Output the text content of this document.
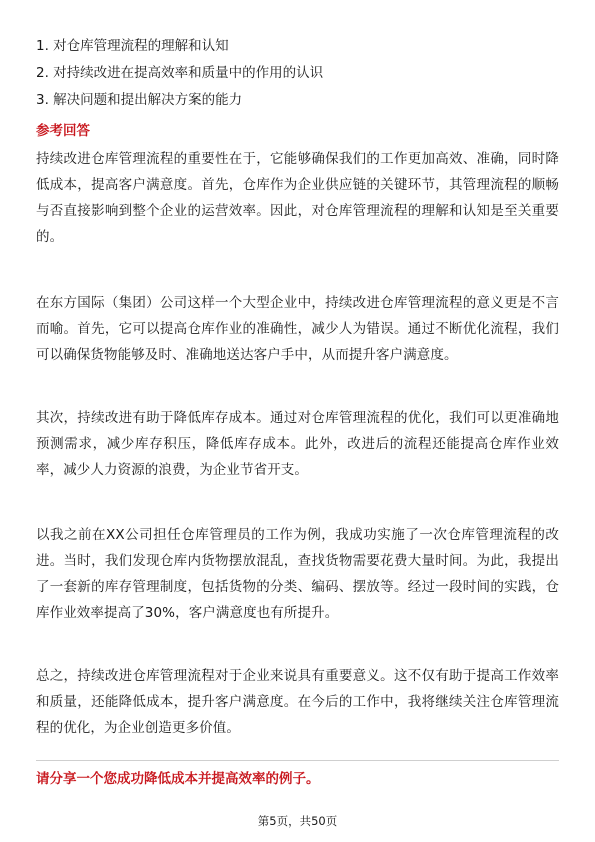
1. 对仓库管理流程的理解和认知
2. 对持续改进在提高效率和质量中的作用的认识
3. 解决问题和提出解决方案的能力
参考回答

持续改进仓库管理流程的重要性在于，它能够确保我们的工作更加高效、准确，同时降低成本，提高客户满意度。首先，仓库作为企业供应链的关键环节，其管理流程的顺畅与否直接影响到整个企业的运营效率。因此，对仓库管理流程的理解和认知是至关重要的。

在东方国际（集团）公司这样一个大型企业中，持续改进仓库管理流程的意义更是不言而喻。首先，它可以提高仓库作业的准确性，减少人为错误。通过不断优化流程，我们可以确保货物能够及时、准确地送达客户手中，从而提升客户满意度。

其次，持续改进有助于降低库存成本。通过对仓库管理流程的优化，我们可以更准确地预测需求，减少库存积压，降低库存成本。此外，改进后的流程还能提高仓库作业效率，减少人力资源的浪费，为企业节省开支。

以我之前在XX公司担任仓库管理员的工作为例，我成功实施了一次仓库管理流程的改进。当时，我们发现仓库内货物摆放混乱，查找货物需要花费大量时间。为此，我提出了一套新的库存管理制度，包括货物的分类、编码、摆放等。经过一段时间的实践，仓库作业效率提高了30%，客户满意度也有所提升。

总之，持续改进仓库管理流程对于企业来说具有重要意义。这不仅有助于提高工作效率和质量，还能降低成本，提升客户满意度。在今后的工作中，我将继续关注仓库管理流程的优化，为企业创造更多价值。

请分享一个您成功降低成本并提高效率的例子。
第5页，共50页
